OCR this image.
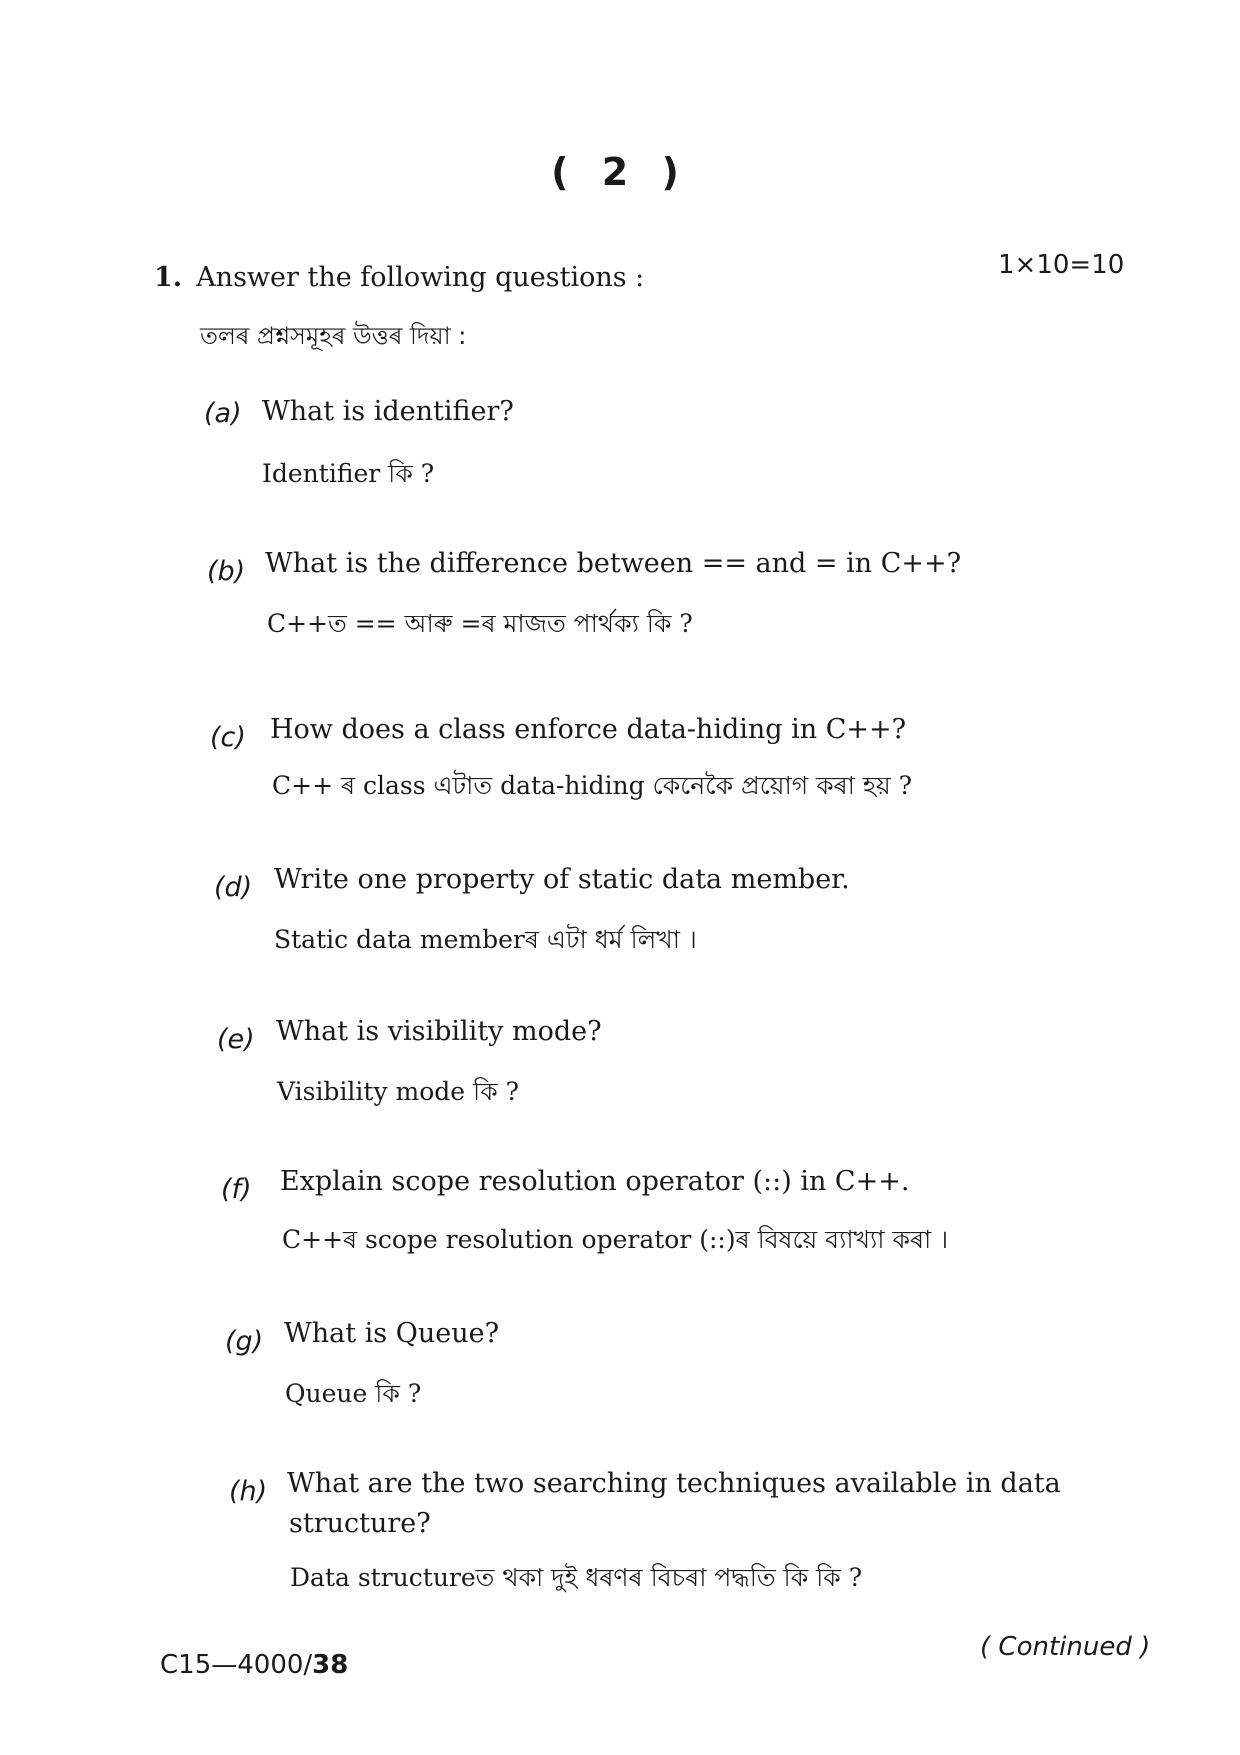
( 2 )
1. Answer the following questions :	1×10=10
তলৰ প্ৰশ্নসমূহৰ উত্তৰ দিয়া :
(a) What is identifier?
Identifier কি ?
(b) What is the difference between == and = in C++?
C++ত == আৰু =ৰ মাজত পাৰ্থক্য কি ?
(c) How does a class enforce data-hiding in C++?
C++ ৰ class এটাত data-hiding কেনেকৈ প্ৰয়োগ কৰা হয় ?
(d) Write one property of static data member.
Static data memberৰ এটা ধৰ্ম লিখা ।
(e) What is visibility mode?
Visibility mode কি ?
(f) Explain scope resolution operator (::) in C++.
C++ৰ scope resolution operator (::)ৰ বিষয়ে ব্যাখ্যা কৰা ।
(g) What is Queue?
Queue কি ?
(h) What are the two searching techniques available in data
structure?
Data structureত থকা দুই ধৰণৰ বিচৰা পদ্ধতি কি কি ?
C15—4000/38
( Continued )
